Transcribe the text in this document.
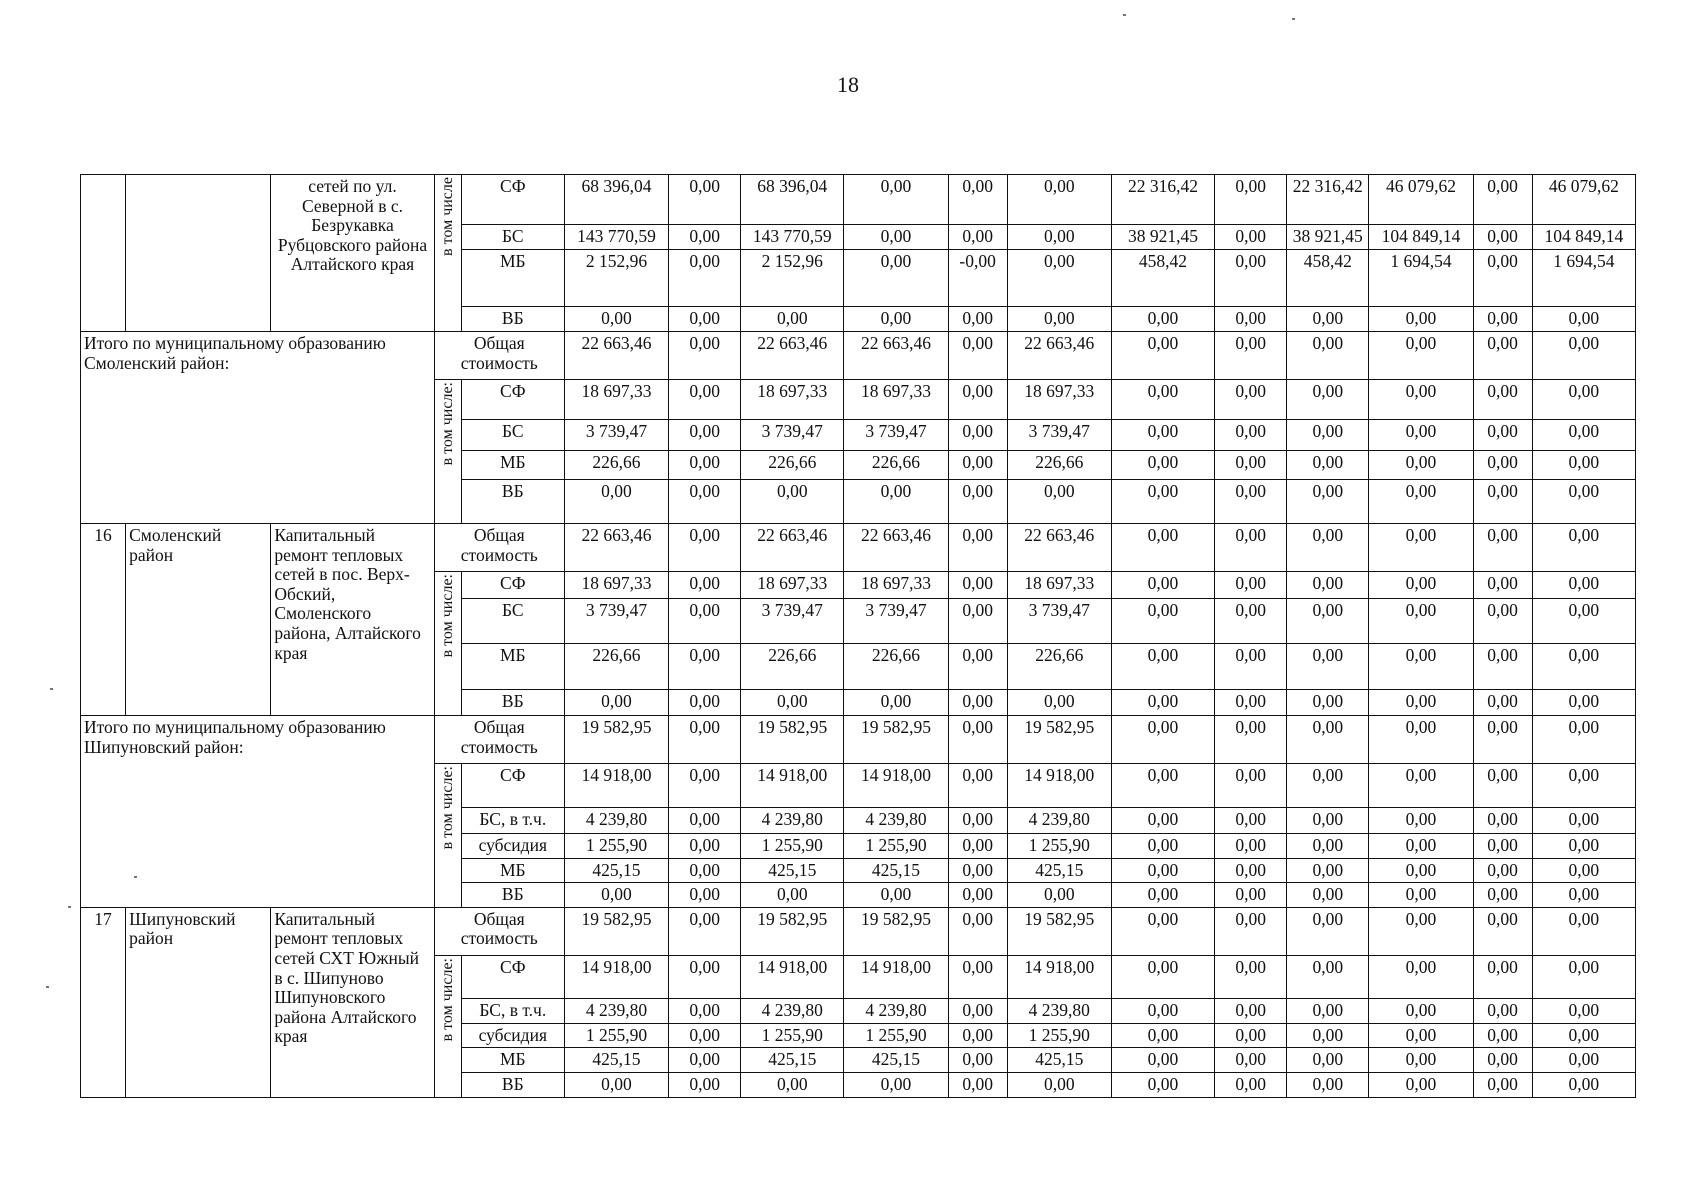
18
		сетей по ул. Северной в с. Безрукавка Рубцовского района Алтайского края	в том числе	СФ	68 396,04	0,00	68 396,04	0,00	0,00	0,00	22 316,42	0,00	22 316,42	46 079,62	0,00	46 079,62
				БС	143 770,59	0,00	143 770,59	0,00	0,00	0,00	38 921,45	0,00	38 921,45	104 849,14	0,00	104 849,14
				МБ	2 152,96	0,00	2 152,96	0,00	-0,00	0,00	458,42	0,00	458,42	1 694,54	0,00	1 694,54
				ВБ	0,00	0,00	0,00	0,00	0,00	0,00	0,00	0,00	0,00	0,00	0,00	0,00
Итого по муниципальному образованию Смоленский район:			Общая стоимость		22 663,46	0,00	22 663,46	22 663,46	0,00	22 663,46	0,00	0,00	0,00	0,00	0,00	0,00

			в том числе:	СФ	18 697,33	0,00	18 697,33	18 697,33	0,00	18 697,33	0,00	0,00	0,00	0,00	0,00	0,00
				БС	3 739,47	0,00	3 739,47	3 739,47	0,00	3 739,47	0,00	0,00	0,00	0,00	0,00	0,00
				МБ	226,66	0,00	226,66	226,66	0,00	226,66	0,00	0,00	0,00	0,00	0,00	0,00
				ВБ	0,00	0,00	0,00	0,00	0,00	0,00	0,00	0,00	0,00	0,00	0,00	0,00
16	Смоленский район	Капитальный ремонт тепловых сетей в пос. Верх-Обский, Смоленского района, Алтайского края	Общая стоимость		22 663,46	0,00	22 663,46	22 663,46	0,00	22 663,46	0,00	0,00	0,00	0,00	0,00	0,00

			в том числе:	СФ	18 697,33	0,00	18 697,33	18 697,33	0,00	18 697,33	0,00	0,00	0,00	0,00	0,00	0,00
				БС	3 739,47	0,00	3 739,47	3 739,47	0,00	3 739,47	0,00	0,00	0,00	0,00	0,00	0,00
				МБ	226,66	0,00	226,66	226,66	0,00	226,66	0,00	0,00	0,00	0,00	0,00	0,00
				ВБ	0,00	0,00	0,00	0,00	0,00	0,00	0,00	0,00	0,00	0,00	0,00	0,00
Итого по муниципальному образованию Шипуновский район:			Общая стоимость		19 582,95	0,00	19 582,95	19 582,95	0,00	19 582,95	0,00	0,00	0,00	0,00	0,00	0,00

			в том числе:	СФ	14 918,00	0,00	14 918,00	14 918,00	0,00	14 918,00	0,00	0,00	0,00	0,00	0,00	0,00
				БС, в т.ч.	4 239,80	0,00	4 239,80	4 239,80	0,00	4 239,80	0,00	0,00	0,00	0,00	0,00	0,00
				субсидия	1 255,90	0,00	1 255,90	1 255,90	0,00	1 255,90	0,00	0,00	0,00	0,00	0,00	0,00
				МБ	425,15	0,00	425,15	425,15	0,00	425,15	0,00	0,00	0,00	0,00	0,00	0,00
				ВБ	0,00	0,00	0,00	0,00	0,00	0,00	0,00	0,00	0,00	0,00	0,00	0,00
17	Шипуновский район	Капитальный ремонт тепловых сетей СХТ Южный в с. Шипуново Шипуновского района Алтайского края	Общая стоимость		19 582,95	0,00	19 582,95	19 582,95	0,00	19 582,95	0,00	0,00	0,00	0,00	0,00	0,00

			в том числе:	СФ	14 918,00	0,00	14 918,00	14 918,00	0,00	14 918,00	0,00	0,00	0,00	0,00	0,00	0,00
				БС, в т.ч.	4 239,80	0,00	4 239,80	4 239,80	0,00	4 239,80	0,00	0,00	0,00	0,00	0,00	0,00
				субсидия	1 255,90	0,00	1 255,90	1 255,90	0,00	1 255,90	0,00	0,00	0,00	0,00	0,00	0,00
				МБ	425,15	0,00	425,15	425,15	0,00	425,15	0,00	0,00	0,00	0,00	0,00	0,00
				ВБ	0,00	0,00	0,00	0,00	0,00	0,00	0,00	0,00	0,00	0,00	0,00	0,00
